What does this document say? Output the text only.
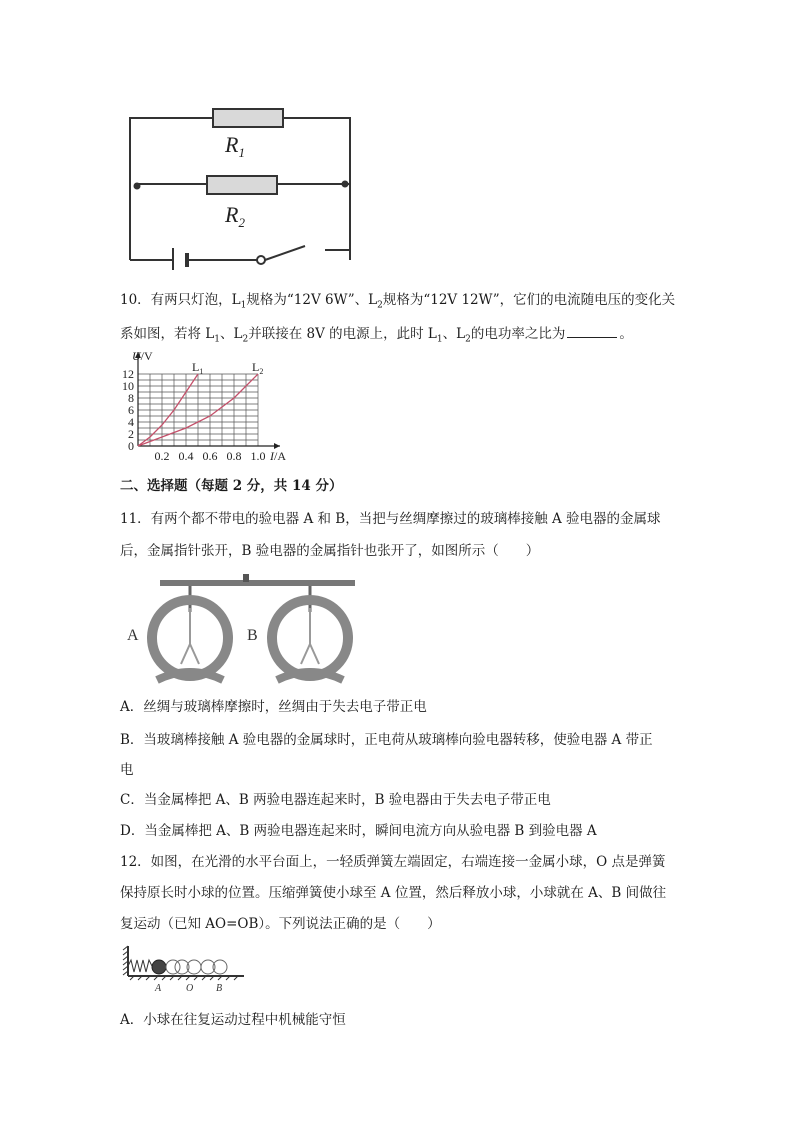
$R_1$
$R_2$
10．有两只灯泡，$L_1$规格为“12V 6W”、$L_2$规格为“12V 12W”，它们的电流随电压的变化关
系如图，若将 $L_1$、$L_2$并联接在 8V 的电源上，此时 $L_1$、$L_2$的电功率之比为	。
0
2
4
6
8
10
12
0.2 0.4 0.6 0.8 1.0
U/V
I/A
$L_1$	$L_2$
二、选择题（每题 2 分，共 14 分）
11．有两个都不带电的验电器 A 和 B，当把与丝绸摩擦过的玻璃棒接触 A 验电器的金属球
后，金属指针张开，B 验电器的金属指针也张开了，如图所示（　　）
A	B
A．丝绸与玻璃棒摩擦时，丝绸由于失去电子带正电
B．当玻璃棒接触 A 验电器的金属球时，正电荷从玻璃棒向验电器转移，使验电器 A 带正
电
C．当金属棒把 A、B 两验电器连起来时，B 验电器由于失去电子带正电
D．当金属棒把 A、B 两验电器连起来时，瞬间电流方向从验电器 B 到验电器 A
12．如图，在光滑的水平台面上，一轻质弹簧左端固定，右端连接一金属小球，O 点是弹簧
保持原长时小球的位置。压缩弹簧使小球至 A 位置，然后释放小球，小球就在 A、B 间做往
复运动（已知 AO=OB）。下列说法正确的是（　　）
A O B
A．小球在往复运动过程中机械能守恒
